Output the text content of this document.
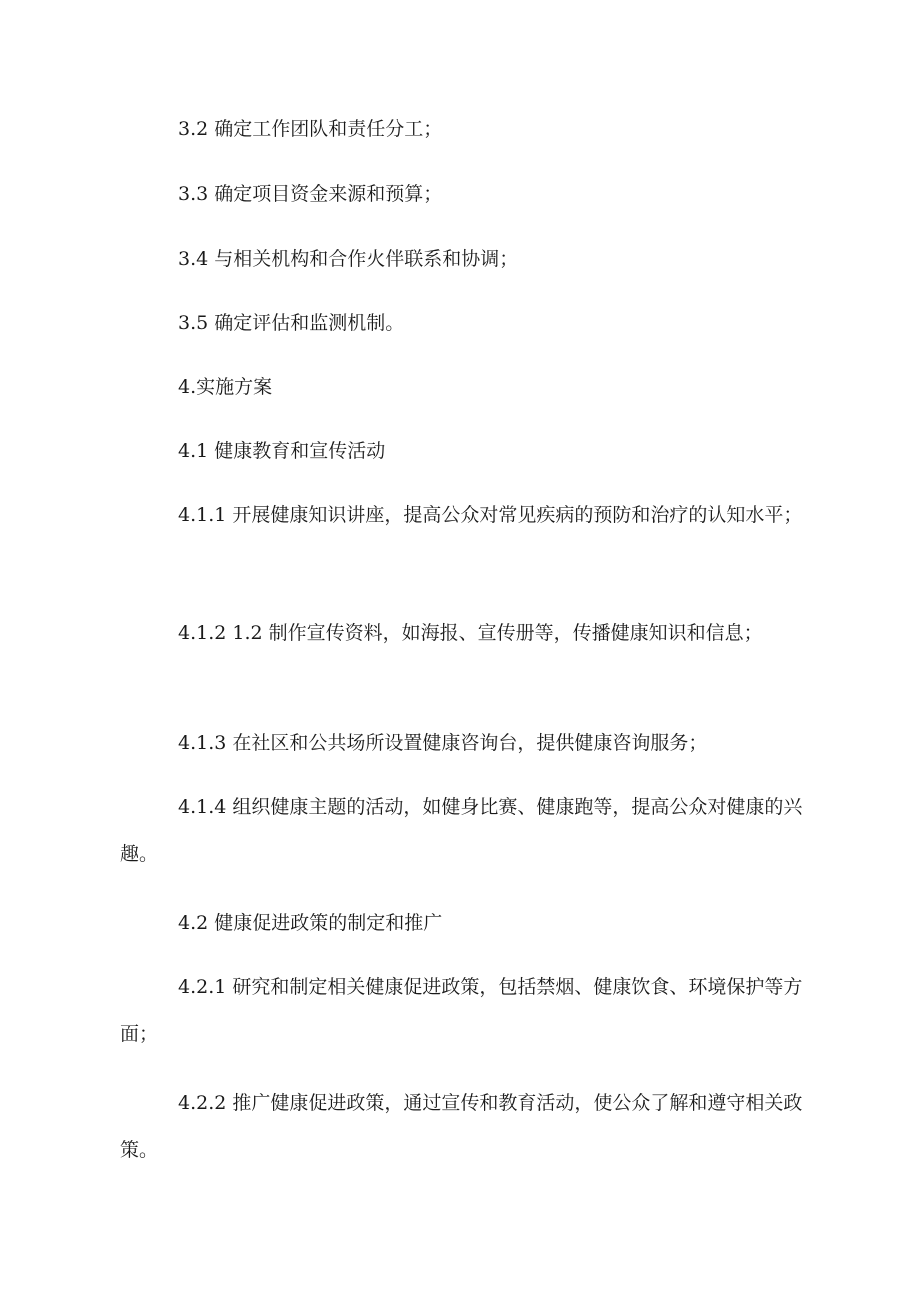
3.2 确定工作团队和责任分工；

3.3 确定项目资金来源和预算；

3.4 与相关机构和合作火伴联系和协调；

3.5 确定评估和监测机制。

4.实施方案

4.1 健康教育和宣传活动

4.1.1 开展健康知识讲座，提高公众对常见疾病的预防和治疗的认知水平；

4.1.2 1.2 制作宣传资料，如海报、宣传册等，传播健康知识和信息；

4.1.3 在社区和公共场所设置健康咨询台，提供健康咨询服务；

4.1.4 组织健康主题的活动，如健身比赛、健康跑等，提高公众对健康的兴趣。

4.2 健康促进政策的制定和推广

4.2.1 研究和制定相关健康促进政策，包括禁烟、健康饮食、环境保护等方面；

4.2.2 推广健康促进政策，通过宣传和教育活动，使公众了解和遵守相关政策。
